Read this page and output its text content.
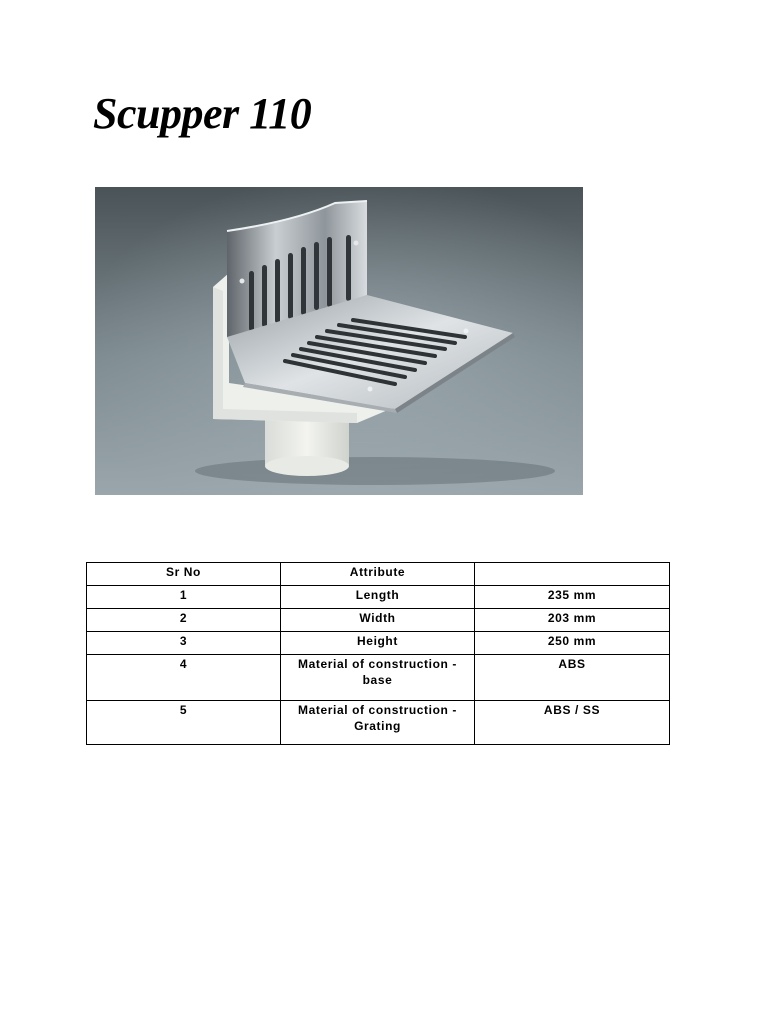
Scupper 110
Sr No	Attribute	
1	Length	235 mm
2	Width	203 mm
3	Height	250 mm
4	Material of construction - base	ABS
5	Material of construction - Grating	ABS / SS
